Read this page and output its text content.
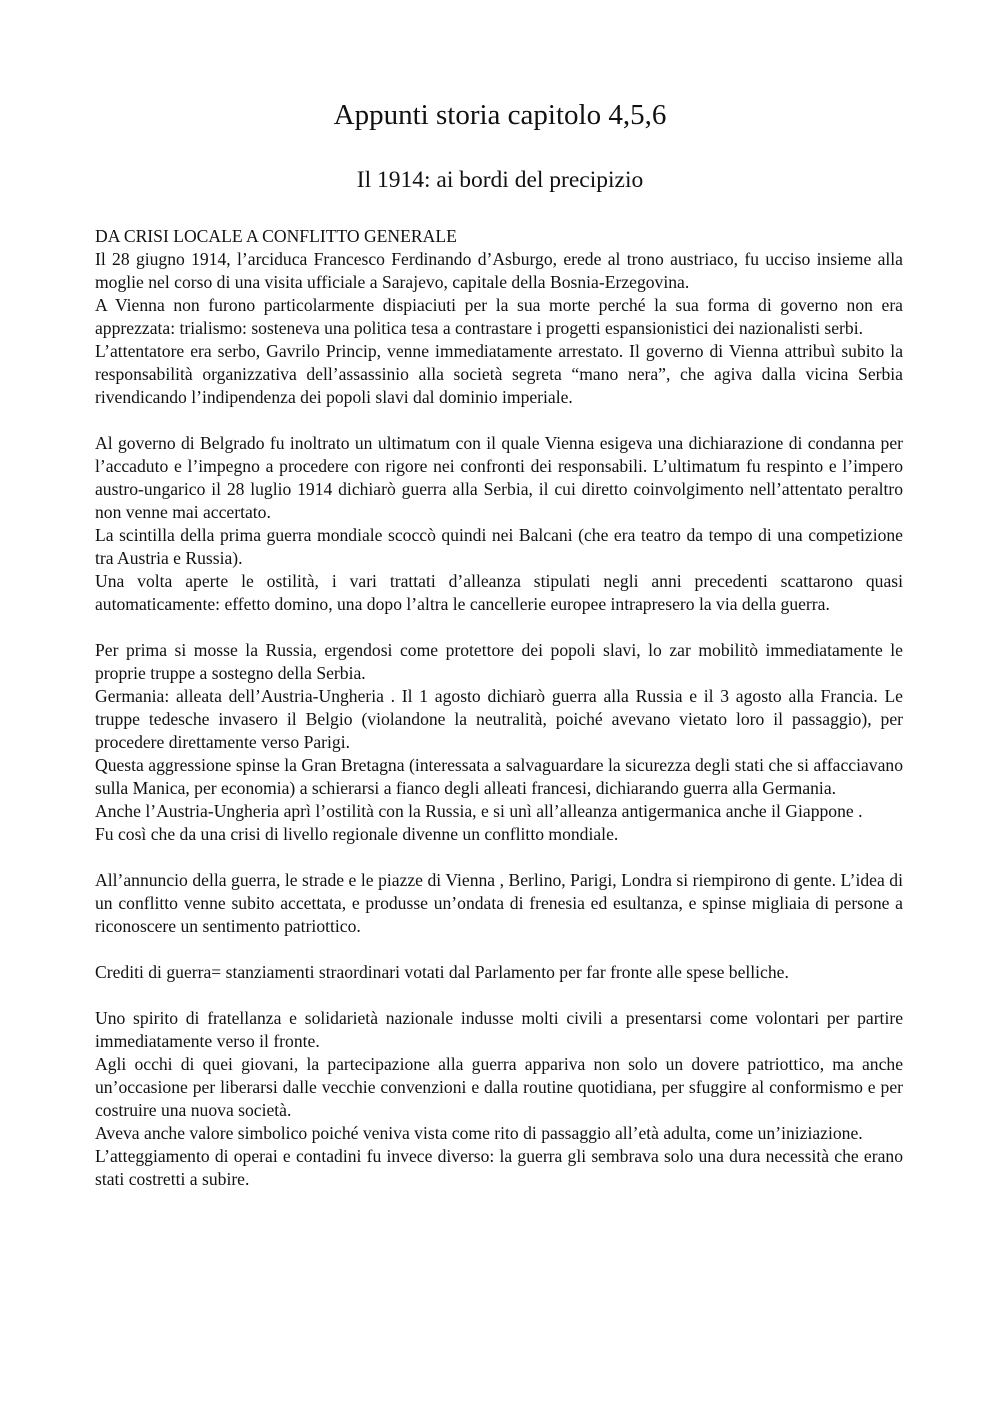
Appunti storia capitolo 4,5,6
Il 1914: ai bordi del precipizio

DA CRISI LOCALE A CONFLITTO GENERALE

Il 28 giugno 1914, l’arciduca Francesco Ferdinando d’Asburgo, erede al trono austriaco, fu ucciso insieme alla moglie nel corso di una visita ufficiale a Sarajevo, capitale della Bosnia-Erzegovina.

A Vienna non furono particolarmente dispiaciuti per la sua morte perché la sua forma di governo non era apprezzata: trialismo: sosteneva una politica tesa a contrastare i progetti espansionistici dei nazionalisti serbi.

L’attentatore era serbo, Gavrilo Princip, venne immediatamente arrestato. Il governo di Vienna attribuì subito la responsabilità organizzativa dell’assassinio alla società segreta “mano nera”, che agiva dalla vicina Serbia rivendicando l’indipendenza dei popoli slavi dal dominio imperiale.

Al governo di Belgrado fu inoltrato un ultimatum con il quale Vienna esigeva una dichiarazione di condanna per l’accaduto e l’impegno a procedere con rigore nei confronti dei responsabili. L’ultimatum fu respinto e l’impero austro-ungarico il 28 luglio 1914 dichiarò guerra alla Serbia, il cui diretto coinvolgimento nell’attentato peraltro non venne mai accertato.

La scintilla della prima guerra mondiale scoccò quindi nei Balcani (che era teatro da tempo di una competizione tra Austria e Russia).

Una volta aperte le ostilità, i vari trattati d’alleanza stipulati negli anni precedenti scattarono quasi automaticamente: effetto domino, una dopo l’altra le cancellerie europee intrapresero la via della guerra.

Per prima si mosse la Russia, ergendosi come protettore dei popoli slavi, lo zar mobilitò immediatamente le proprie truppe a sostegno della Serbia.

Germania: alleata dell’Austria-Ungheria . Il 1 agosto dichiarò guerra alla Russia e il 3 agosto alla Francia. Le truppe tedesche invasero il Belgio (violandone la neutralità, poiché avevano vietato loro il passaggio), per procedere direttamente verso Parigi.

Questa aggressione spinse la Gran Bretagna (interessata a salvaguardare la sicurezza degli stati che si affacciavano sulla Manica, per economia) a schierarsi a fianco degli alleati francesi, dichiarando guerra alla Germania.

Anche l’Austria-Ungheria aprì l’ostilità con la Russia, e si unì all’alleanza antigermanica anche il Giappone .

Fu così che da una crisi di livello regionale divenne un conflitto mondiale.

All’annuncio della guerra, le strade e le piazze di Vienna , Berlino, Parigi, Londra si riempirono di gente. L’idea di un conflitto venne subito accettata, e produsse un’ondata di frenesia ed esultanza, e spinse migliaia di persone a riconoscere un sentimento patriottico.

Crediti di guerra= stanziamenti straordinari votati dal Parlamento per far fronte alle spese belliche.

Uno spirito di fratellanza e solidarietà nazionale indusse molti civili a presentarsi come volontari per partire immediatamente verso il fronte.

Agli occhi di quei giovani, la partecipazione alla guerra appariva non solo un dovere patriottico, ma anche un’occasione per liberarsi dalle vecchie convenzioni e dalla routine quotidiana, per sfuggire al conformismo e per costruire una nuova società.

Aveva anche valore simbolico poiché veniva vista come rito di passaggio all’età adulta, come un’iniziazione.

L’atteggiamento di operai e contadini fu invece diverso: la guerra gli sembrava solo una dura necessità che erano stati costretti a subire.
